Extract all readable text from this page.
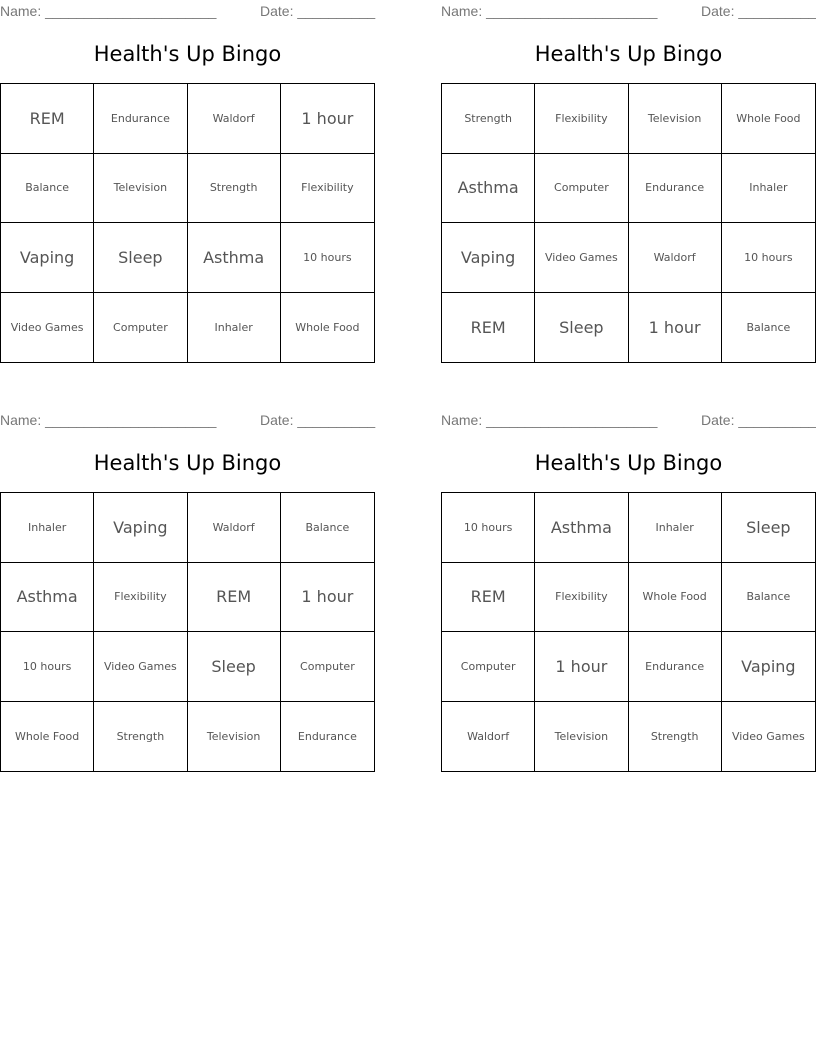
Name: ______________________	Date: __________
Health's Up Bingo
REM	Endurance	Waldorf	1 hour
Balance	Television	Strength	Flexibility
Vaping	Sleep	Asthma	10 hours
Video Games	Computer	Inhaler	Whole Food
Name: ______________________	Date: __________
Health's Up Bingo
Strength	Flexibility	Television	Whole Food
Asthma	Computer	Endurance	Inhaler
Vaping	Video Games	Waldorf	10 hours
REM	Sleep	1 hour	Balance
Name: ______________________	Date: __________
Health's Up Bingo
Inhaler	Vaping	Waldorf	Balance
Asthma	Flexibility	REM	1 hour
10 hours	Video Games	Sleep	Computer
Whole Food	Strength	Television	Endurance
Name: ______________________	Date: __________
Health's Up Bingo
10 hours	Asthma	Inhaler	Sleep
REM	Flexibility	Whole Food	Balance
Computer	1 hour	Endurance	Vaping
Waldorf	Television	Strength	Video Games
